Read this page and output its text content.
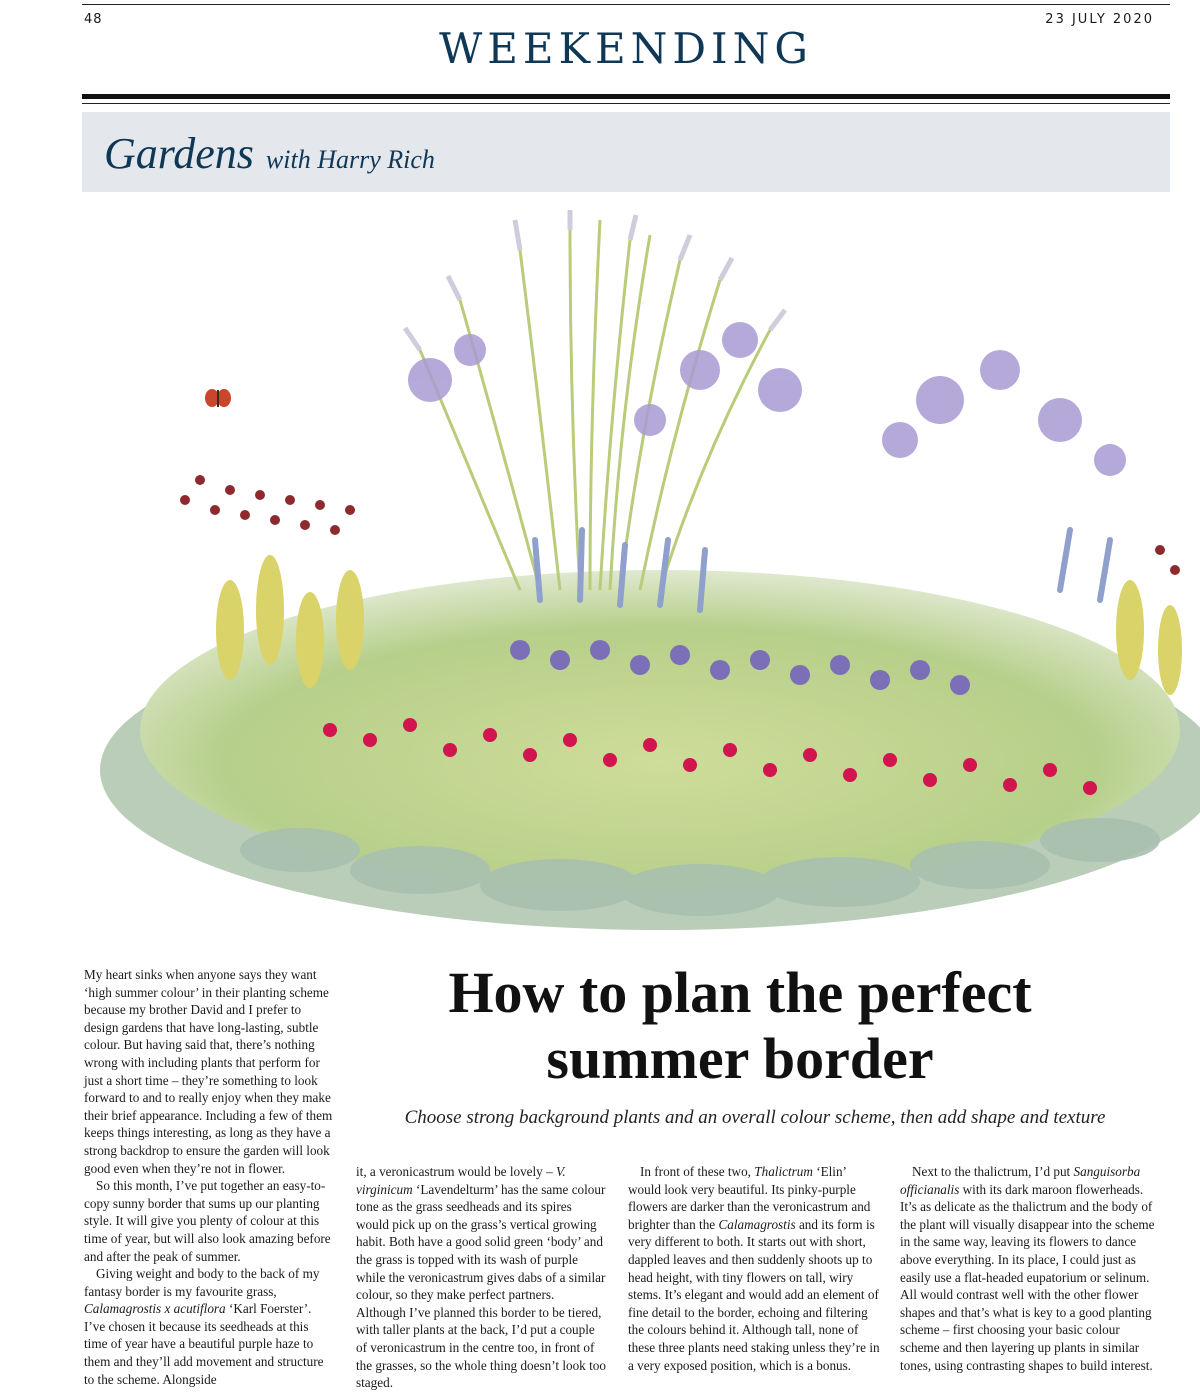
48	23 JULY 2020
WEEKENDING
Gardens with Harry Rich
How to plan the perfect
summer border
Choose strong background plants and an overall colour scheme, then add shape and texture

My heart sinks when anyone says they want ‘high summer colour’ in their planting scheme because my brother David and I prefer to design gardens that have long-lasting, subtle colour. But having said that, there’s nothing wrong with including plants that perform for just a short time – they’re something to look forward to and to really enjoy when they make their brief appearance. Including a few of them keeps things interesting, as long as they have a strong backdrop to ensure the garden will look good even when they’re not in flower.

So this month, I’ve put together an easy-to-copy sunny border that sums up our planting style. It will give you plenty of colour at this time of year, but will also look amazing before and after the peak of summer.

Giving weight and body to the back of my fantasy border is my favourite grass, Calamagrostis x acutiflora ‘Karl Foerster’. I’ve chosen it because its seedheads at this time of year have a beautiful purple haze to them and they’ll add movement and structure to the scheme. Alongside

it, a veronicastrum would be lovely – V. virginicum ‘Lavendelturm’ has the same colour tone as the grass seedheads and its spires would pick up on the grass’s vertical growing habit. Both have a good solid green ‘body’ and the grass is topped with its wash of purple while the veronicastrum gives dabs of a similar colour, so they make perfect partners. Although I’ve planned this border to be tiered, with taller plants at the back, I’d put a couple of veronicastrum in the centre too, in front of the grasses, so the whole thing doesn’t look too staged.

In front of these two, Thalictrum ‘Elin’ would look very beautiful. Its pinky-purple flowers are darker than the veronicastrum and brighter than the Calamagrostis and its form is very different to both. It starts out with short, dappled leaves and then suddenly shoots up to head height, with tiny flowers on tall, wiry stems. It’s elegant and would add an element of fine detail to the border, echoing and filtering the colours behind it. Although tall, none of these three plants need staking unless they’re in a very exposed position, which is a bonus.

Next to the thalictrum, I’d put Sanguisorba officianalis with its dark maroon flowerheads. It’s as delicate as the thalictrum and the body of the plant will visually disappear into the scheme in the same way, leaving its flowers to dance above everything. In its place, I could just as easily use a flat-headed eupatorium or selinum. All would contrast well with the other flower shapes and that’s what is key to a good planting scheme – first choosing your basic colour scheme and then layering up plants in similar tones, using contrasting shapes to build interest.
